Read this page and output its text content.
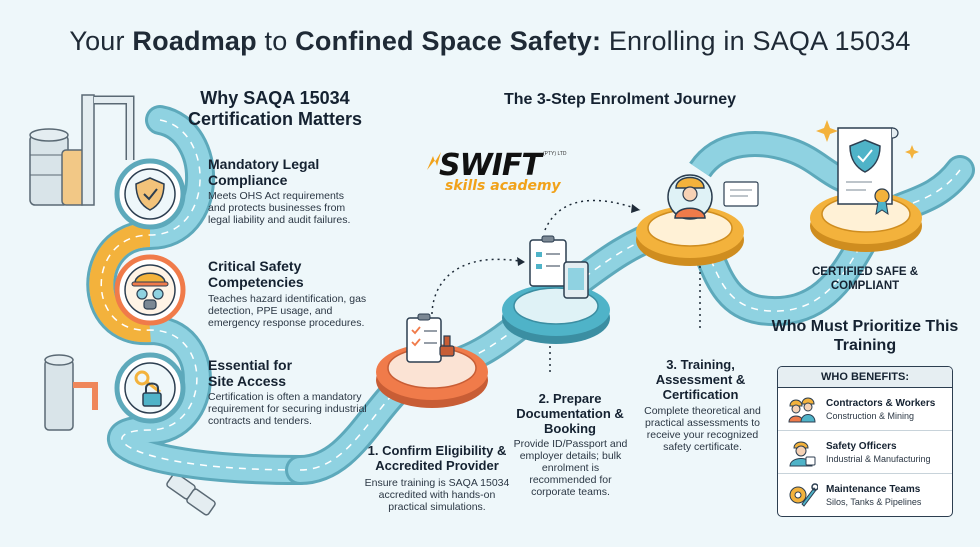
Your Roadmap to Confined Space Safety: Enrolling in SAQA 15034
Why SAQA 15034 Certification Matters
Mandatory Legal Compliance
Meets OHS Act requirements and protects businesses from legal liability and audit failures.
Critical Safety Competencies
Teaches hazard identification, gas detection, PPE usage, and emergency response procedures.
Essential for Site Access
Certification is often a mandatory requirement for securing industrial contracts and tenders.
The 3-Step Enrolment Journey
SWIFT (PTY) LTD
skills academy
1. Confirm Eligibility & Accredited Provider
Ensure training is SAQA 15034 accredited with hands-on practical simulations.
2. Prepare Documentation & Booking
Provide ID/Passport and employer details; bulk enrolment is recommended for corporate teams.
3. Training, Assessment & Certification
Complete theoretical and practical assessments to receive your recognized safety certificate.
CERTIFIED SAFE & COMPLIANT
Who Must Prioritize This Training
WHO BENEFITS:
Contractors & Workers
Construction & Mining
Safety Officers
Industrial & Manufacturing
Maintenance Teams
Silos, Tanks & Pipelines
